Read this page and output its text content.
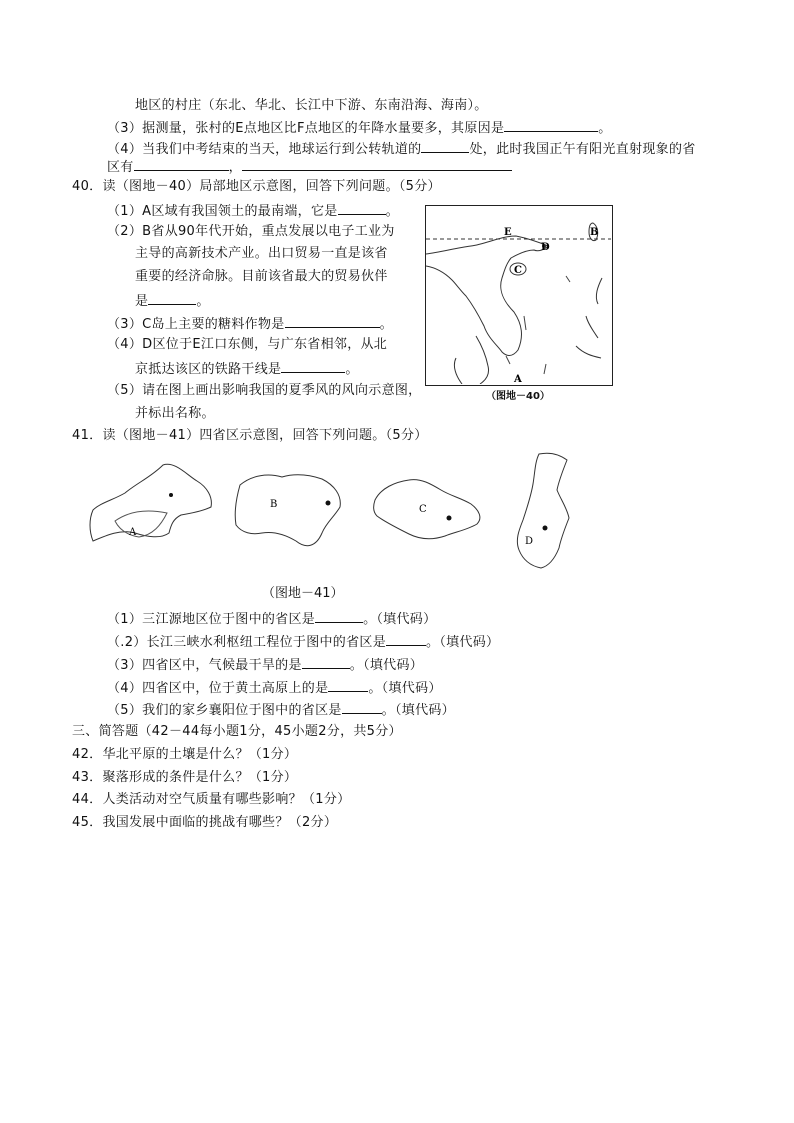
地区的村庄（东北、华北、长江中下游、东南沿海、海南）。
（3）据测量，张村的E点地区比F点地区的年降水量要多，其原因是	。
（4）当我们中考结束的当天，地球运行到公转轨道的	处，此时我国正午有阳光直射现象的省
区有	，
40．读（图地－40）局部地区示意图，回答下列问题。（5分）
（1）A区域有我国领土的最南端，它是	。
（2）B省从90年代开始，重点发展以电子工业为
主导的高新技术产业。出口贸易一直是该省
重要的经济命脉。目前该省最大的贸易伙伴
是	。
（3）C岛上主要的糖料作物是	。
（4）D区位于E江口东侧，与广东省相邻，从北
京抵达该区的铁路干线是	。
（5）请在图上画出影响我国的夏季风的风向示意图，
并标出名称。
E
D
C
B
A
（图地－40）
41．读（图地－41）四省区示意图，回答下列问题。（5分）
A
B	C
D
（图地－41）
（1）三江源地区位于图中的省区是	。（填代码）
（.2）长江三峡水利枢纽工程位于图中的省区是	。（填代码）
（3）四省区中，气候最干旱的是	。（填代码）
（4）四省区中，位于黄土高原上的是	。（填代码）
（5）我们的家乡襄阳位于图中的省区是	。（填代码）
三、简答题（42－44每小题1分，45小题2分，共5分）
42．华北平原的土壤是什么？（1分）
43．聚落形成的条件是什么？（1分）
44．人类活动对空气质量有哪些影响？（1分）
45．我国发展中面临的挑战有哪些？（2分）
